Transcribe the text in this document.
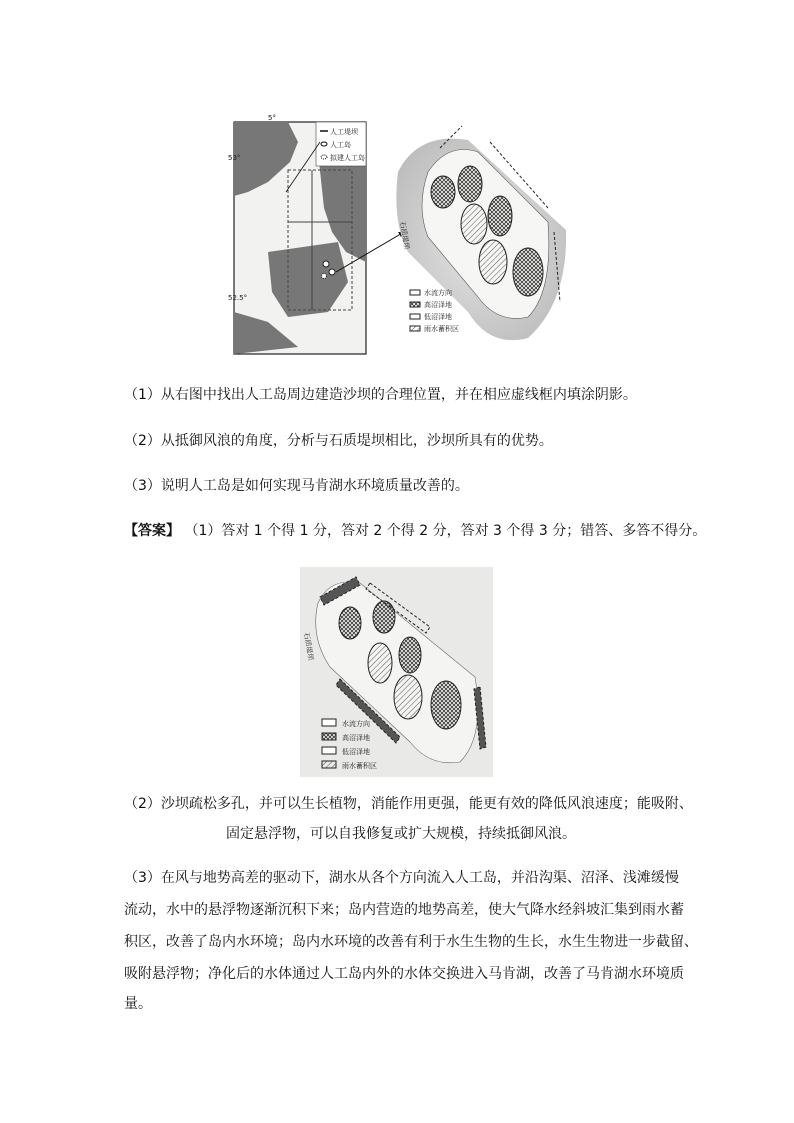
5°
53°
52.5°
人工堤坝
人工岛
拟建人工岛
石质堤坝
水流方向
高沼泽地
低沼泽地
雨水蓄积区
（1）从右图中找出人工岛周边建造沙坝的合理位置，并在相应虚线框内填涂阴影。
（2）从抵御风浪的角度，分析与石质堤坝相比，沙坝所具有的优势。
（3）说明人工岛是如何实现马肯湖水环境质量改善的。
【答案】 （1）答对 1 个得 1 分，答对 2 个得 2 分，答对 3 个得 3 分；错答、多答不得分。
石质堤坝
水流方向
高沼泽地
低沼泽地
雨水蓄积区
（2）沙坝疏松多孔，并可以生长植物，消能作用更强，能更有效的降低风浪速度；能吸附、
固定悬浮物，可以自我修复或扩大规模，持续抵御风浪。
（3）在风与地势高差的驱动下，湖水从各个方向流入人工岛，并沿沟渠、沼泽、浅滩缓慢
流动，水中的悬浮物逐渐沉积下来；岛内营造的地势高差，使大气降水经斜坡汇集到雨水蓄
积区，改善了岛内水环境；岛内水环境的改善有利于水生生物的生长，水生生物进一步截留、
吸附悬浮物；净化后的水体通过人工岛内外的水体交换进入马肯湖，改善了马肯湖水环境质
量。
